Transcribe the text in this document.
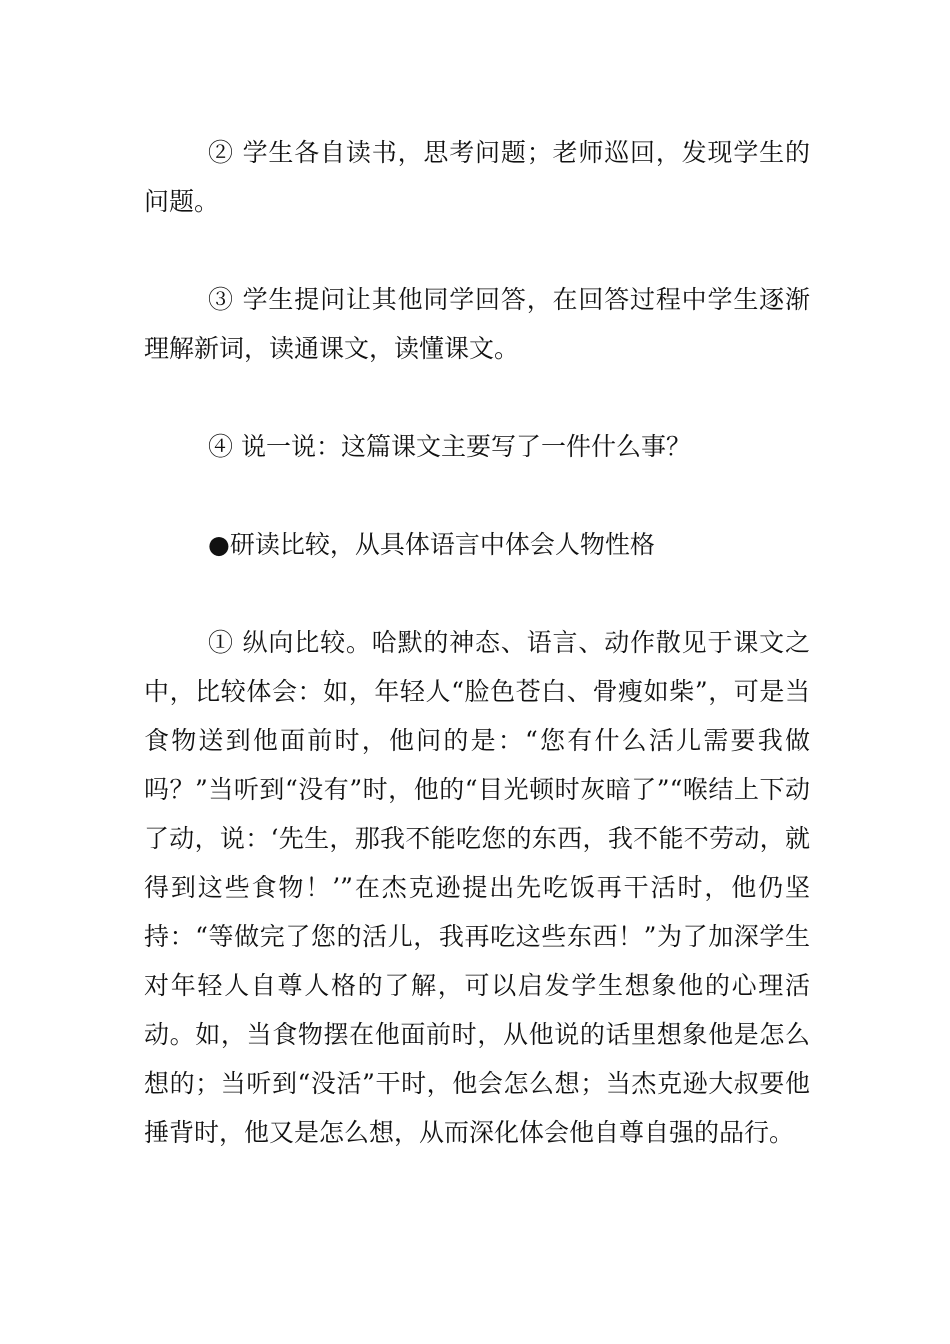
② 学生各自读书，思考问题；老师巡回，发现学生的问题。

③ 学生提问让其他同学回答，在回答过程中学生逐渐理解新词，读通课文，读懂课文。

④ 说一说：这篇课文主要写了一件什么事？

●研读比较，从具体语言中体会人物性格

① 纵向比较。哈默的神态、语言、动作散见于课文之中，比较体会：如，年轻人“脸色苍白、骨瘦如柴”，可是当食物送到他面前时，他问的是：“您有什么活儿需要我做吗？”当听到“没有”时，他的“目光顿时灰暗了”“喉结上下动了动，说：‘先生，那我不能吃您的东西，我不能不劳动，就得到这些食物！’”在杰克逊提出先吃饭再干活时，他仍坚持：“等做完了您的活儿，我再吃这些东西！”为了加深学生对年轻人自尊人格的了解，可以启发学生想象他的心理活动。如，当食物摆在他面前时，从他说的话里想象他是怎么想的；当听到“没活”干时，他会怎么想；当杰克逊大叔要他捶背时，他又是怎么想，从而深化体会他自尊自强的品行。
